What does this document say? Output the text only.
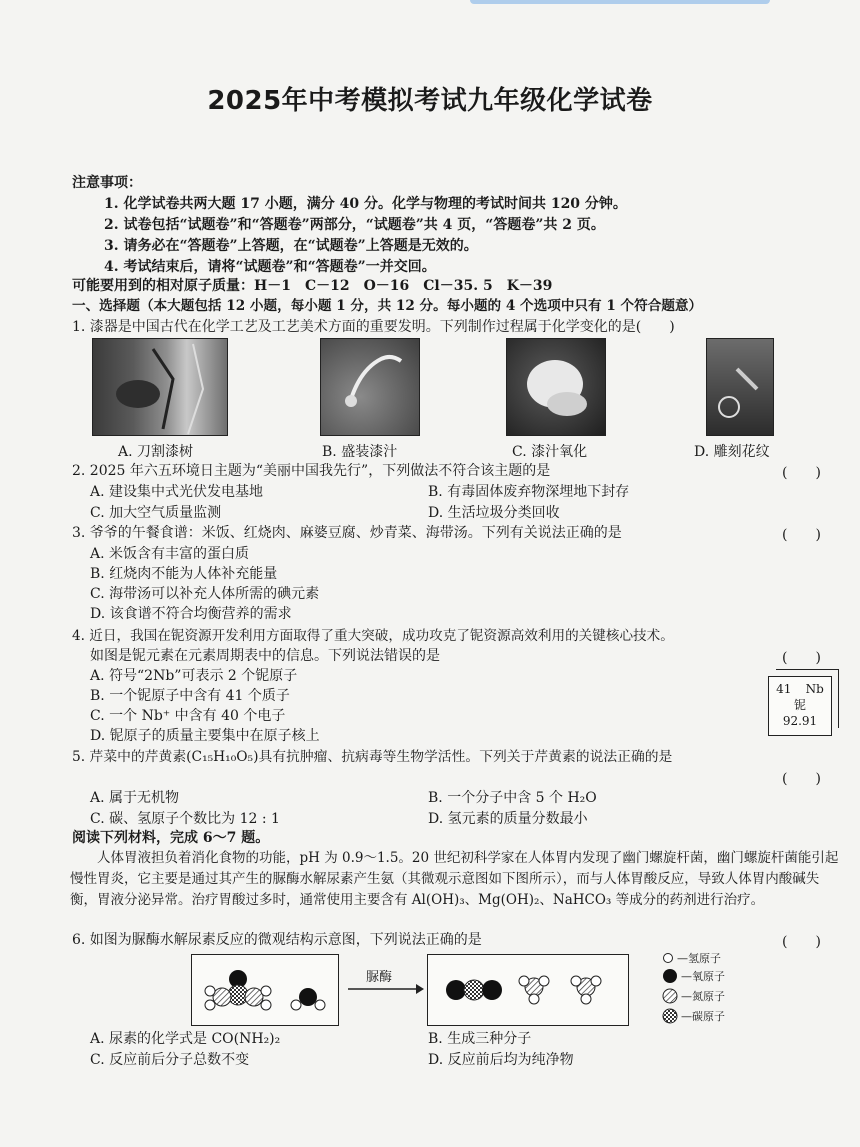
2025年中考模拟考试九年级化学试卷
注意事项：
1. 化学试卷共两大题 17 小题，满分 40 分。化学与物理的考试时间共 120 分钟。
2. 试卷包括“试题卷”和“答题卷”两部分，“试题卷”共 4 页，“答题卷”共 2 页。
3. 请务必在“答题卷”上答题，在“试题卷”上答题是无效的。
4. 考试结束后，请将“试题卷”和“答题卷”一并交回。
可能要用到的相对原子质量：H－1　C－12　O－16　Cl－35. 5　K－39
一、选择题（本大题包括 12 小题，每小题 1 分，共 12 分。每小题的 4 个选项中只有 1 个符合题意）
1. 漆器是中国古代在化学工艺及工艺美术方面的重要发明。下列制作过程属于化学变化的是(　　)
A. 刀割漆树	B. 盛装漆汁	C. 漆汁氧化	D. 雕刻花纹
2. 2025 年六五环境日主题为“美丽中国我先行”，下列做法不符合该主题的是	(　　)
A. 建设集中式光伏发电基地	B. 有毒固体废弃物深埋地下封存
C. 加大空气质量监测	D. 生活垃圾分类回收
3. 爷爷的午餐食谱：米饭、红烧肉、麻婆豆腐、炒青菜、海带汤。下列有关说法正确的是	(　　)
A. 米饭含有丰富的蛋白质
B. 红烧肉不能为人体补充能量
C. 海带汤可以补充人体所需的碘元素
D. 该食谱不符合均衡营养的需求
4. 近日，我国在铌资源开发利用方面取得了重大突破，成功攻克了铌资源高效利用的关键核心技术。
如图是铌元素在元素周期表中的信息。下列说法错误的是	(　　)
A. 符号“2Nb”可表示 2 个铌原子
B. 一个铌原子中含有 41 个质子
C. 一个 Nb⁺ 中含有 40 个电子
D. 铌原子的质量主要集中在原子核上
41 Nb
铌
92.91
5. 芹菜中的芹黄素(C₁₅H₁₀O₅)具有抗肿瘤、抗病毒等生物学活性。下列关于芹黄素的说法正确的是
(　　)
A. 属于无机物	B. 一个分子中含 5 个 H₂O
C. 碳、氢原子个数比为 12 : 1	D. 氢元素的质量分数最小
阅读下列材料，完成 6～7 题。

人体胃液担负着消化食物的功能，pH 为 0.9～1.5。20 世纪初科学家在人体胃内发现了幽门螺旋杆菌，幽门螺旋杆菌能引起慢性胃炎，它主要是通过其产生的脲酶水解尿素产生氨（其微观示意图如下图所示），而与人体胃酸反应，导致人体胃内酸碱失衡，胃液分泌异常。治疗胃酸过多时，通常使用主要含有 Al(OH)₃、Mg(OH)₂、NaHCO₃ 等成分的药剂进行治疗。

6. 如图为脲酶水解尿素反应的微观结构示意图，下列说法正确的是	(　　)
脲酶
—氢原子
—氧原子
—氮原子
—碳原子
A. 尿素的化学式是 CO(NH₂)₂	B. 生成三种分子
C. 反应前后分子总数不变	D. 反应前后均为纯净物
